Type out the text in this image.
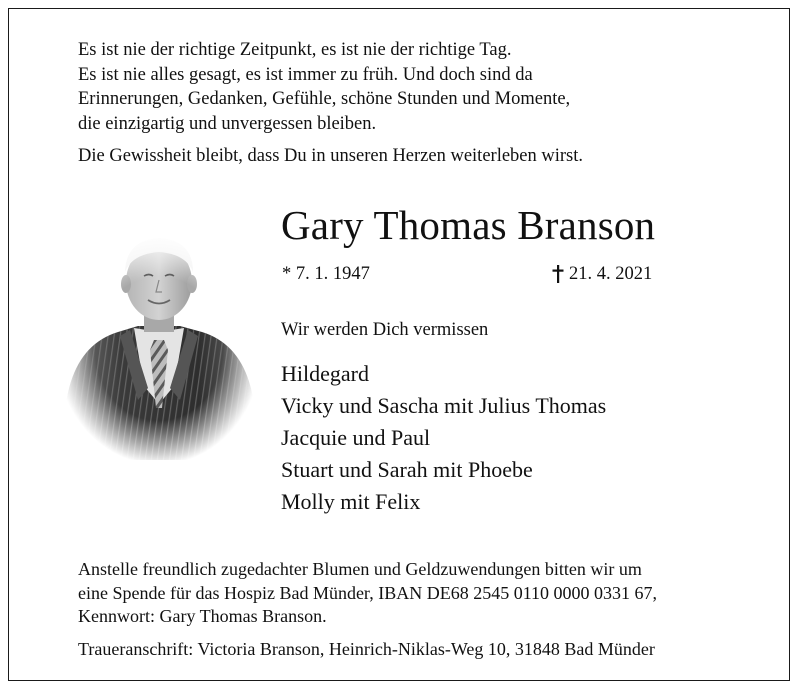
Es ist nie der richtige Zeitpunkt, es ist nie der richtige Tag.
Es ist nie alles gesagt, es ist immer zu früh. Und doch sind da
Erinnerungen, Gedanken, Gefühle, schöne Stunden und Momente,
die einzigartig und unvergessen bleiben.
Die Gewissheit bleibt, dass Du in unseren Herzen weiterleben wirst.
Gary Thomas Branson
* 7. 1. 1947	21. 4. 2021
Wir werden Dich vermissen
Hildegard
Vicky und Sascha mit Julius Thomas
Jacquie und Paul
Stuart und Sarah mit Phoebe
Molly mit Felix
Anstelle freundlich zugedachter Blumen und Geldzuwendungen bitten wir um
eine Spende für das Hospiz Bad Münder, IBAN DE68 2545 0110 0000 0331 67,
Kennwort: Gary Thomas Branson.
Traueranschrift: Victoria Branson, Heinrich-Niklas-Weg 10, 31848 Bad Münder
